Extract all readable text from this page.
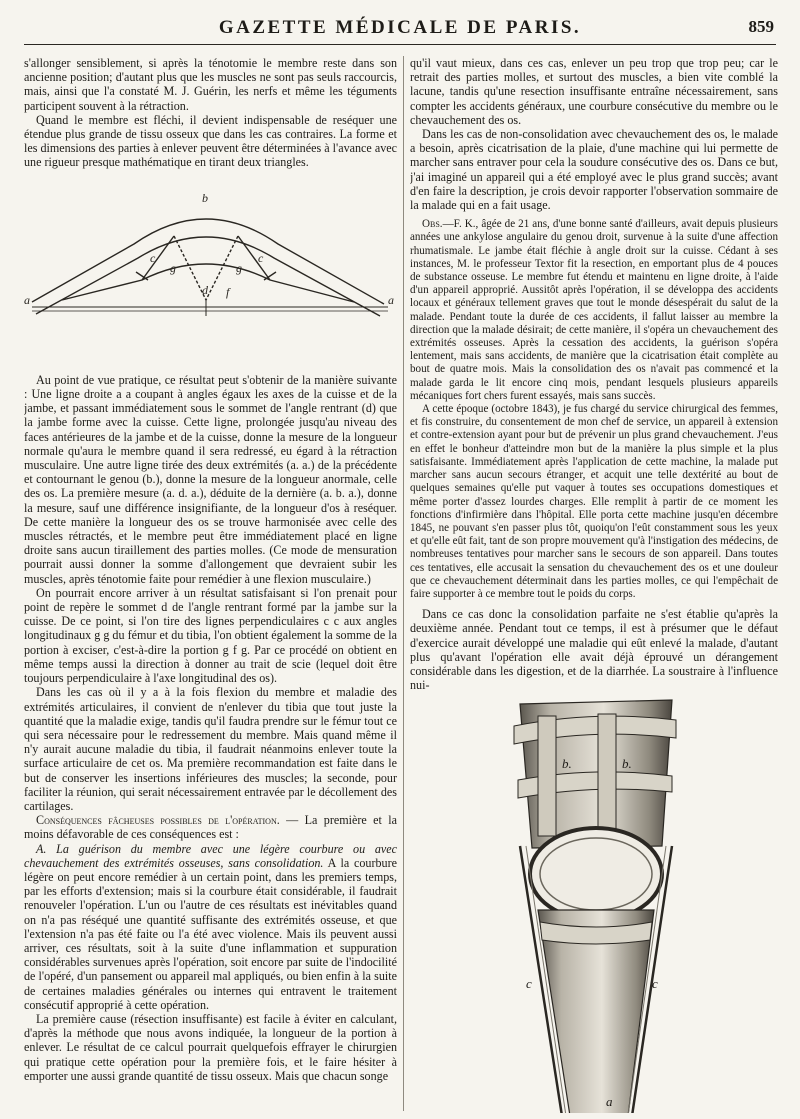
GAZETTE MÉDICALE DE PARIS.	859

s'allonger sensiblement, si après la ténotomie le membre reste dans son ancienne position; d'autant plus que les muscles ne sont pas seuls raccourcis, mais, ainsi que l'a constaté M. J. Guérin, les nerfs et même les téguments participent souvent à la rétraction.

Quand le membre est fléchi, il devient indispensable de reséquer une étendue plus grande de tissu osseux que dans les cas contraires. La forme et les dimensions des parties à enlever peuvent être déterminées à l'avance avec une rigueur presque mathématique en tirant deux triangles.

b
c	c
d f
g	g
a	a

Au point de vue pratique, ce résultat peut s'obtenir de la manière suivante : Une ligne droite a a coupant à angles égaux les axes de la cuisse et de la jambe, et passant immédiatement sous le sommet de l'angle rentrant (d) que la jambe forme avec la cuisse. Cette ligne, prolongée jusqu'au niveau des faces antérieures de la jambe et de la cuisse, donne la mesure de la longueur normale qu'aura le membre quand il sera redressé, eu égard à la rétraction musculaire. Une autre ligne tirée des deux extrémités (a. a.) de la précédente et contournant le genou (b.), donne la mesure de la longueur anormale, celle des os. La première mesure (a. d. a.), déduite de la dernière (a. b. a.), donne la mesure, sauf une différence insignifiante, de la longueur d'os à reséquer. De cette manière la longueur des os se trouve harmonisée avec celle des muscles rétractés, et le membre peut être immédiatement placé en ligne droite sans aucun tiraillement des parties molles. (Ce mode de mensuration pourrait aussi donner la somme d'allongement que devraient subir les muscles, après ténotomie faite pour remédier à une flexion musculaire.)

On pourrait encore arriver à un résultat satisfaisant si l'on prenait pour point de repère le sommet d de l'angle rentrant formé par la jambe sur la cuisse. De ce point, si l'on tire des lignes perpendiculaires c c aux angles longitudinaux g g du fémur et du tibia, l'on obtient également la somme de la portion à exciser, c'est-à-dire la portion g f g. Par ce procédé on obtient en même temps aussi la direction à donner au trait de scie (lequel doit être toujours perpendiculaire à l'axe longitudinal des os).

Dans les cas où il y a à la fois flexion du membre et maladie des extrémités articulaires, il convient de n'enlever du tibia que tout juste la quantité que la maladie exige, tandis qu'il faudra prendre sur le fémur tout ce qui sera nécessaire pour le redressement du membre. Mais quand même il n'y aurait aucune maladie du tibia, il faudrait néanmoins enlever toute la surface articulaire de cet os. Ma première recommandation est faite dans le but de conserver les insertions inférieures des muscles; la seconde, pour faciliter la réunion, qui serait nécessairement entravée par le décollement des cartilages.

Conséquences fâcheuses possibles de l'opération. — La première et la moins défavorable de ces conséquences est :

A. La guérison du membre avec une légère courbure ou avec chevauchement des extrémités osseuses, sans consolidation. A la courbure légère on peut encore remédier à un certain point, dans les premiers temps, par les efforts d'extension; mais si la courbure était considérable, il faudrait renouveler l'opération. L'un ou l'autre de ces résultats est inévitables quand on n'a pas réséqué une quantité suffisante des extrémités osseuse, et que l'extension n'a pas été faite ou l'a été avec violence. Mais ils peuvent aussi arriver, ces résultats, soit à la suite d'une inflammation et suppuration considérables survenues après l'opération, soit encore par suite de l'indocilité de l'opéré, d'un pansement ou appareil mal appliqués, ou bien enfin à la suite de certaines maladies générales ou internes qui entravent le traitement consécutif approprié à cette opération.

La première cause (résection insuffisante) est facile à éviter en calculant, d'après la méthode que nous avons indiquée, la longueur de la portion à enlever. Le résultat de ce calcul pourrait quelquefois effrayer le chirurgien qui pratique cette opération pour la première fois, et le faire hésiter à emporter une aussi grande quantité de tissu osseux. Mais que chacun songe

qu'il vaut mieux, dans ces cas, enlever un peu trop que trop peu; car le retrait des parties molles, et surtout des muscles, a bien vite comblé la lacune, tandis qu'une resection insuffisante entraîne nécessairement, sans compter les accidents généraux, une courbure consécutive du membre ou le chevauchement des os.

Dans les cas de non-consolidation avec chevauchement des os, le malade a besoin, après cicatrisation de la plaie, d'une machine qui lui permette de marcher sans entraver pour cela la soudure consécutive des os. Dans ce but, j'ai imaginé un appareil qui a été employé avec le plus grand succès; avant d'en faire la description, je crois devoir rapporter l'observation sommaire de la malade qui en a fait usage.

Obs.—F. K., âgée de 21 ans, d'une bonne santé d'ailleurs, avait depuis plusieurs années une ankylose angulaire du genou droit, survenue à la suite d'une affection rhumatismale. Le jambe était fléchie à angle droit sur la cuisse. Cédant à ses instances, M. le professeur Textor fit la resection, en emportant plus de 4 pouces de substance osseuse. Le membre fut étendu et maintenu en ligne droite, à l'aide d'un appareil approprié. Aussitôt après l'opération, il se développa des accidents locaux et généraux tellement graves que tout le monde désespérait du salut de la malade. Pendant toute la durée de ces accidents, il fallut laisser au membre la direction que la malade désirait; de cette manière, il s'opéra un chevauchement des extrémités osseuses. Après la cessation des accidents, la guérison s'opéra lentement, mais sans accidents, de manière que la cicatrisation était complète au bout de quatre mois. Mais la consolidation des os n'avait pas commencé et la malade garda le lit encore cinq mois, pendant lesquels plusieurs appareils mécaniques fort chers furent essayés, mais sans succès.

A cette époque (octobre 1843), je fus chargé du service chirurgical des femmes, et fis construire, du consentement de mon chef de service, un appareil à extension et contre-extension ayant pour but de prévenir un plus grand chevauchement. J'eus en effet le bonheur d'atteindre mon but de la manière la plus simple et la plus satisfaisante. Immédiatement après l'application de cette machine, la malade put marcher sans aucun secours étranger, et acquit une telle dextérité au bout de quelques semaines qu'elle put vaquer à toutes ses occupations domestiques et même porter d'assez lourdes charges. Elle remplit à partir de ce moment les fonctions d'infirmière dans l'hôpital. Elle porta cette machine jusqu'en décembre 1845, ne pouvant s'en passer plus tôt, quoiqu'on l'eût constamment sous les yeux et qu'elle eût fait, tant de son propre mouvement qu'à l'instigation des médecins, de nombreuses tentatives pour marcher sans le secours de son appareil. Dans toutes ces tentatives, elle accusait la sensation du chevauchement des os et une douleur que ce chevauchement déterminait dans les parties molles, ce qui l'empêchait de faire supporter à ce membre tout le poids du corps.

Dans ce cas donc la consolidation parfaite ne s'est établie qu'après la deuxième année. Pendant tout ce temps, il est à présumer que le défaut d'exercice aurait développé une maladie qui eût enlevé la malade, d'autant plus qu'avant l'opération elle avait déjà éprouvé un dérangement considérable dans les digestion, et de la diarrhée. La soustraire à l'influence nui-

b.	b.
c	c
a
